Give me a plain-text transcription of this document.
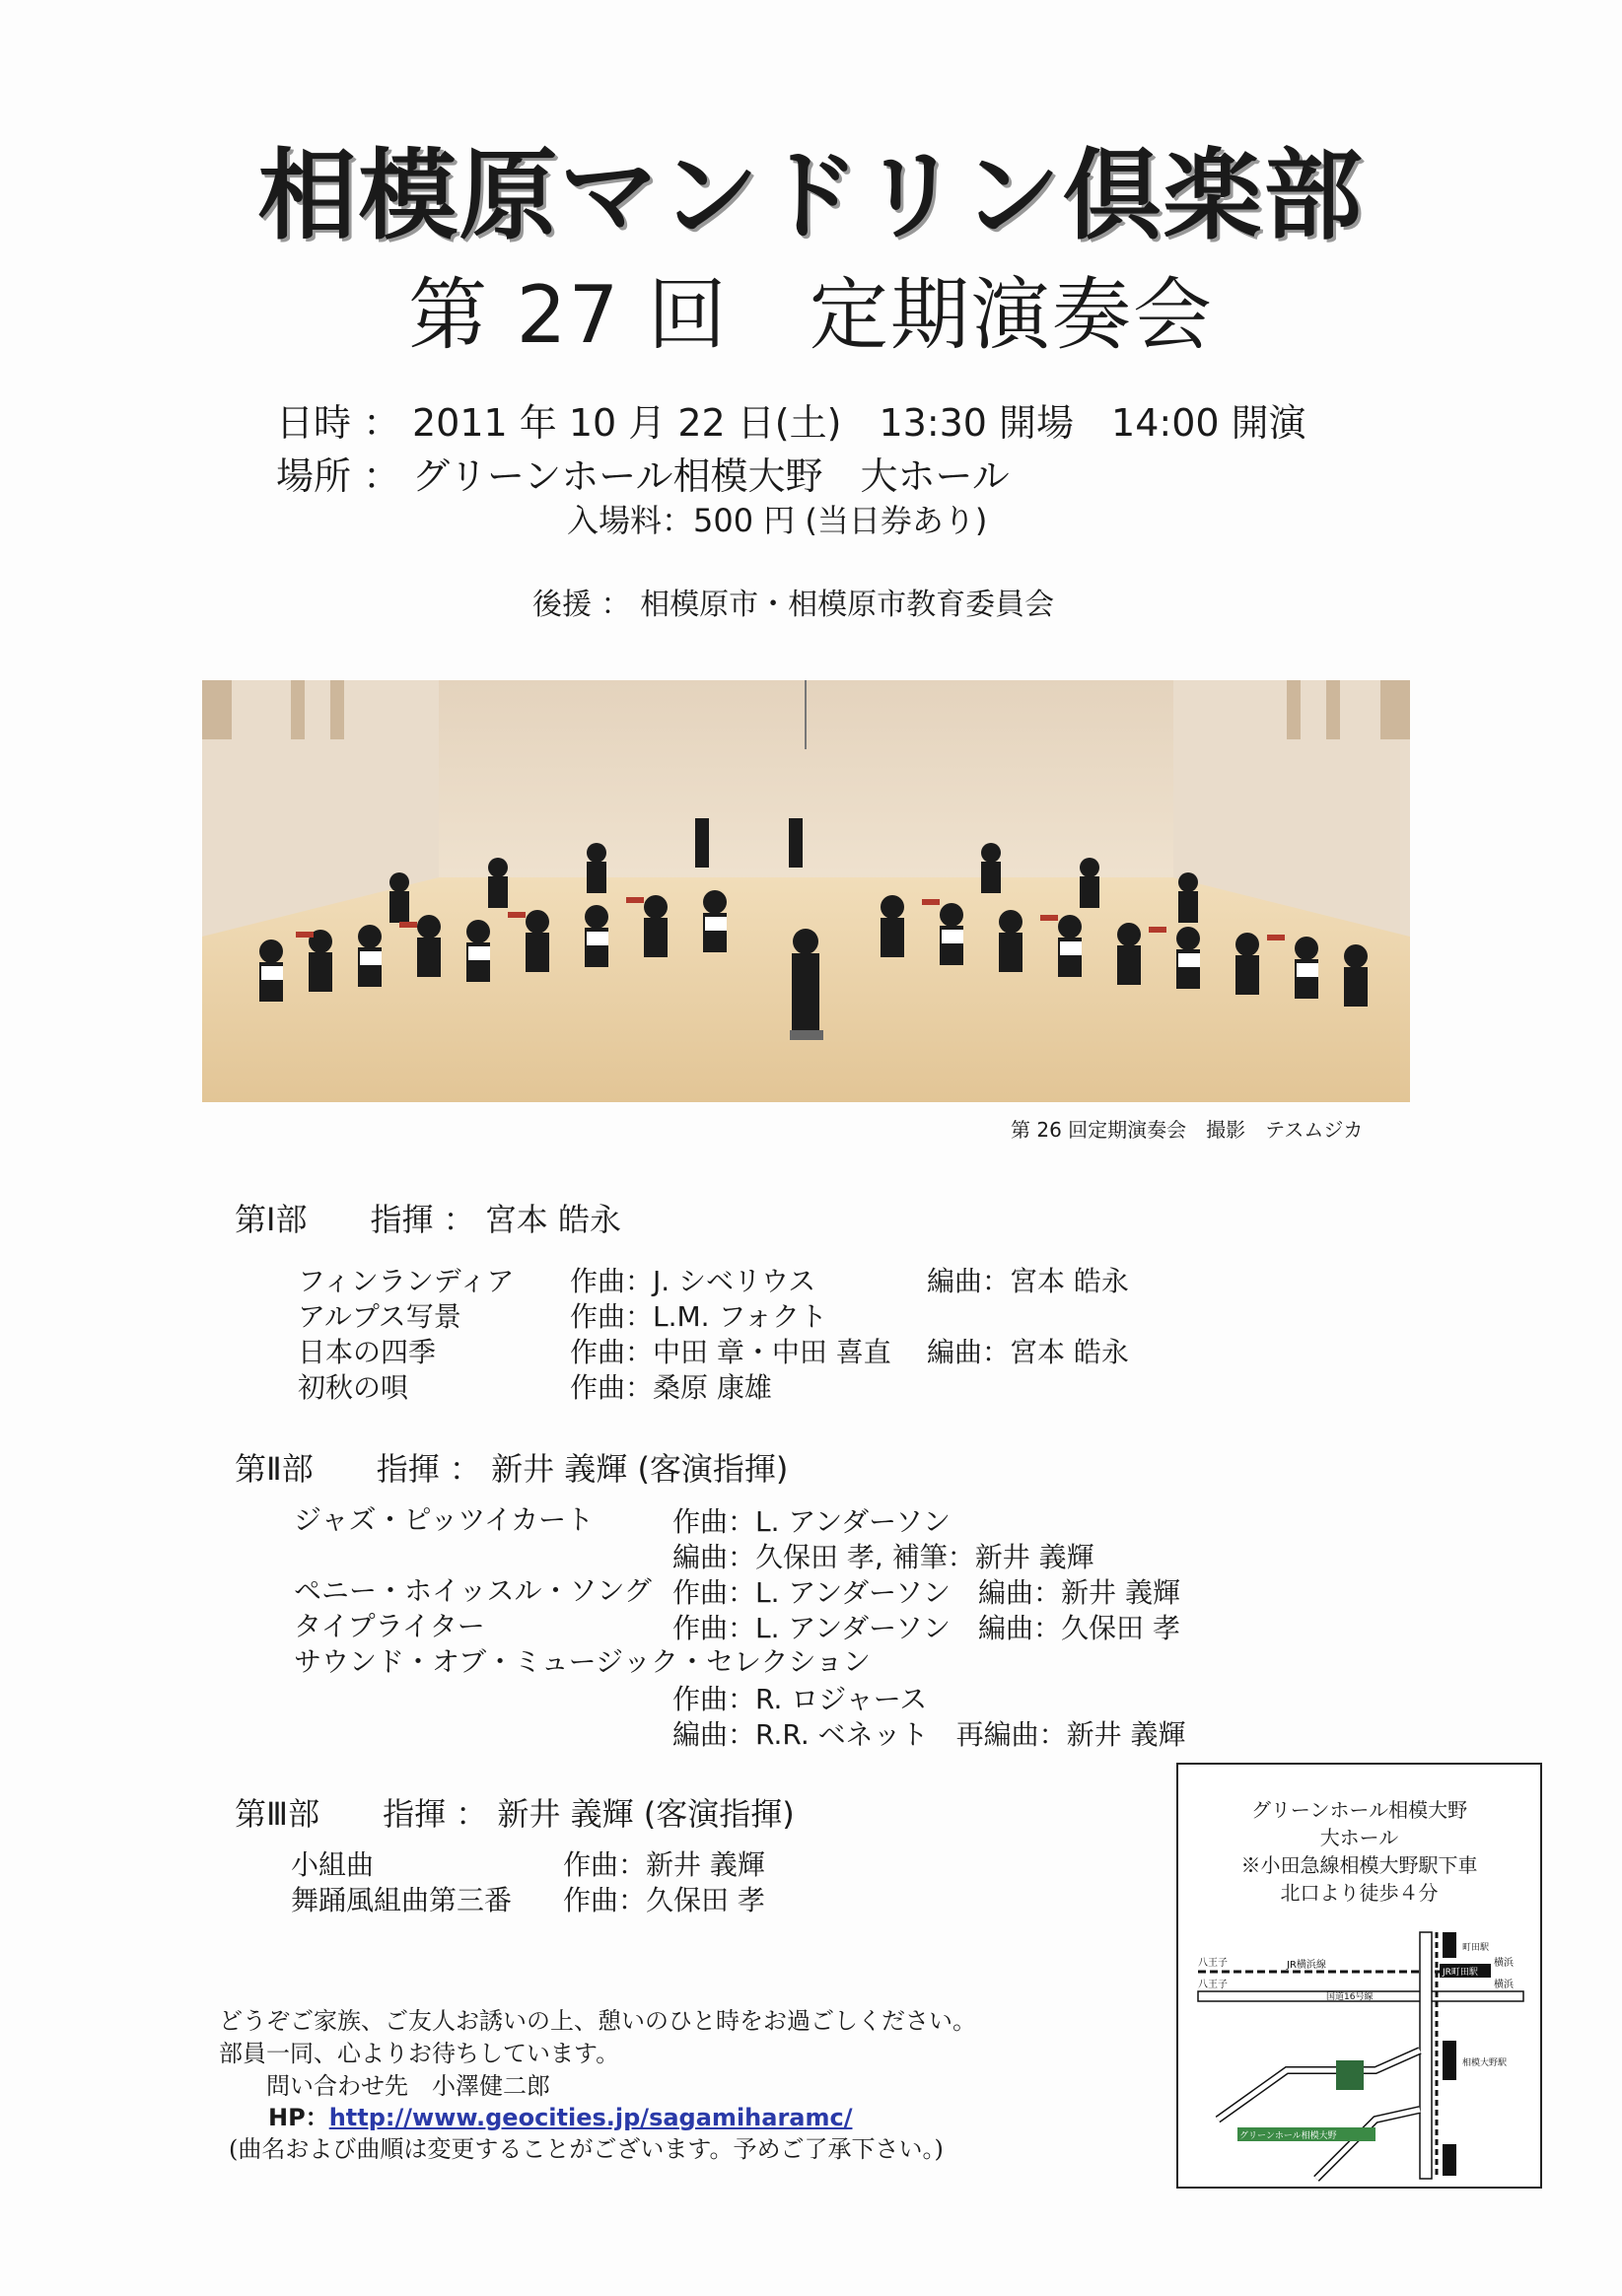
相模原マンドリン倶楽部
第 27 回　定期演奏会
日時 ： 2011 年 10 月 22 日(土)　13:30 開場　14:00 開演
場所 ： グリーンホール相模大野　大ホール
入場料：500 円 (当日券あり)
後援 ： 相模原市・相模原市教育委員会
第 26 回定期演奏会　撮影　テスムジカ
第Ⅰ部　　指揮 ： 宮本 皓永
フィンランディア 作曲：J. シベリウス	編曲：宮本 皓永
アルプス写景	作曲：L.M. フォクト
日本の四季	作曲：中田 章・中田 喜直 編曲：宮本 皓永
初秋の唄	作曲：桑原 康雄
第Ⅱ部　　指揮 ： 新井 義輝 (客演指揮)
ジャズ・ピッツイカート	作曲：L. アンダーソン
編曲：久保田 孝, 補筆：新井 義輝
ペニー・ホイッスル・ソング 作曲：L. アンダーソン　編曲：新井 義輝
タイプライター	作曲：L. アンダーソン　編曲：久保田 孝
サウンド・オブ・ミュージック・セレクション
作曲：R. ロジャース
編曲：R.R. ベネット　再編曲：新井 義輝
第Ⅲ部　　指揮 ： 新井 義輝 (客演指揮)
小組曲	作曲：新井 義輝
舞踊風組曲第三番 作曲：久保田 孝
どうぞご家族、ご友人お誘いの上、憩いのひと時をお過ごしください。
部員一同、心よりお待ちしています。
問い合わせ先　小澤健二郎
HP：http://www.geocities.jp/sagamiharamc/
(曲名および曲順は変更することがございます。予めご了承下さい。)
グリーンホール相模大野
大ホール
※小田急線相模大野駅下車
北口より徒歩４分
八王子	JR横浜線	横浜
JR町田駅
八王子	横浜
国道16号線
グリーンホール相模大野
相模大野駅
町田駅
